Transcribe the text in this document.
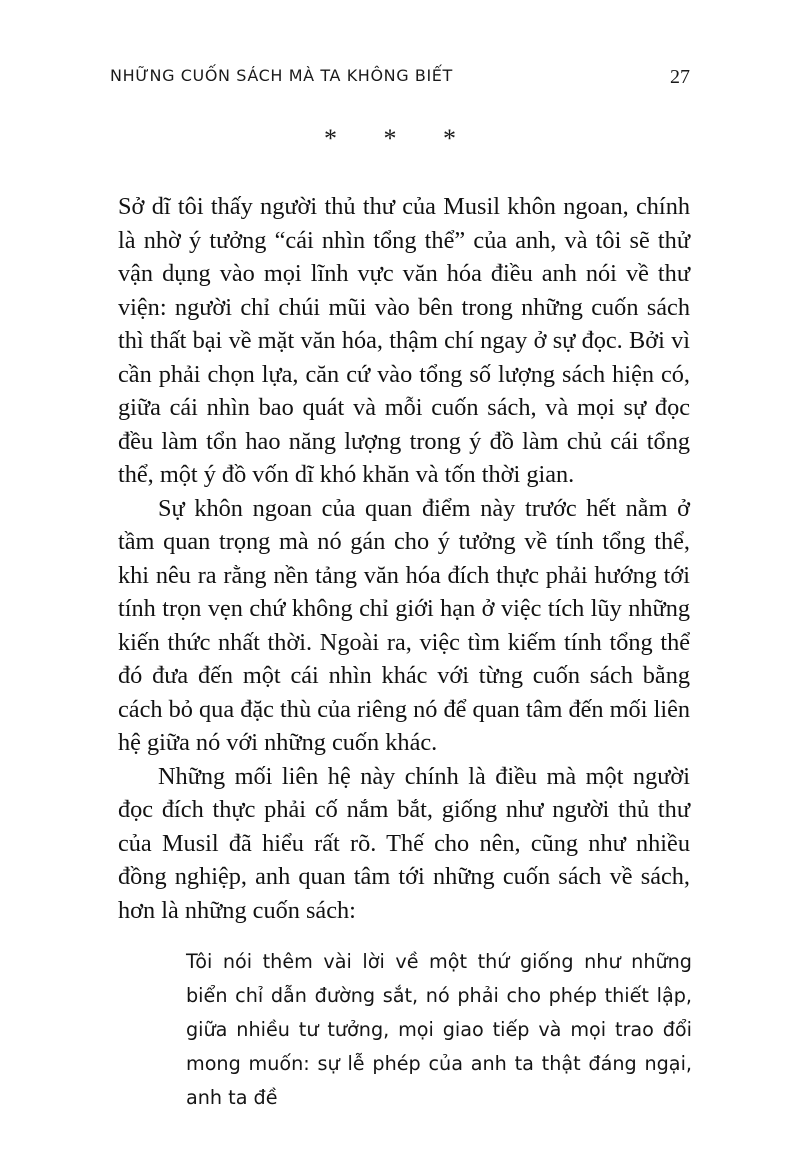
NHỮNG CUỐN SÁCH MÀ TA KHÔNG BIẾT	27
* * *

Sở dĩ tôi thấy người thủ thư của Musil khôn ngoan, chính là nhờ ý tưởng “cái nhìn tổng thể” của anh, và tôi sẽ thử vận dụng vào mọi lĩnh vực văn hóa điều anh nói về thư viện: người chỉ chúi mũi vào bên trong những cuốn sách thì thất bại về mặt văn hóa, thậm chí ngay ở sự đọc. Bởi vì cần phải chọn lựa, căn cứ vào tổng số lượng sách hiện có, giữa cái nhìn bao quát và mỗi cuốn sách, và mọi sự đọc đều làm tổn hao năng lượng trong ý đồ làm chủ cái tổng thể, một ý đồ vốn dĩ khó khăn và tốn thời gian.

Sự khôn ngoan của quan điểm này trước hết nằm ở tầm quan trọng mà nó gán cho ý tưởng về tính tổng thể, khi nêu ra rằng nền tảng văn hóa đích thực phải hướng tới tính trọn vẹn chứ không chỉ giới hạn ở việc tích lũy những kiến thức nhất thời. Ngoài ra, việc tìm kiếm tính tổng thể đó đưa đến một cái nhìn khác với từng cuốn sách bằng cách bỏ qua đặc thù của riêng nó để quan tâm đến mối liên hệ giữa nó với những cuốn khác.

Những mối liên hệ này chính là điều mà một người đọc đích thực phải cố nắm bắt, giống như người thủ thư của Musil đã hiểu rất rõ. Thế cho nên, cũng như nhiều đồng nghiệp, anh quan tâm tới những cuốn sách về sách, hơn là những cuốn sách:

Tôi nói thêm vài lời về một thứ giống như những biển chỉ dẫn đường sắt, nó phải cho phép thiết lập, giữa nhiều tư tưởng, mọi giao tiếp và mọi trao đổi mong muốn: sự lễ phép của anh ta thật đáng ngại, anh ta đề
